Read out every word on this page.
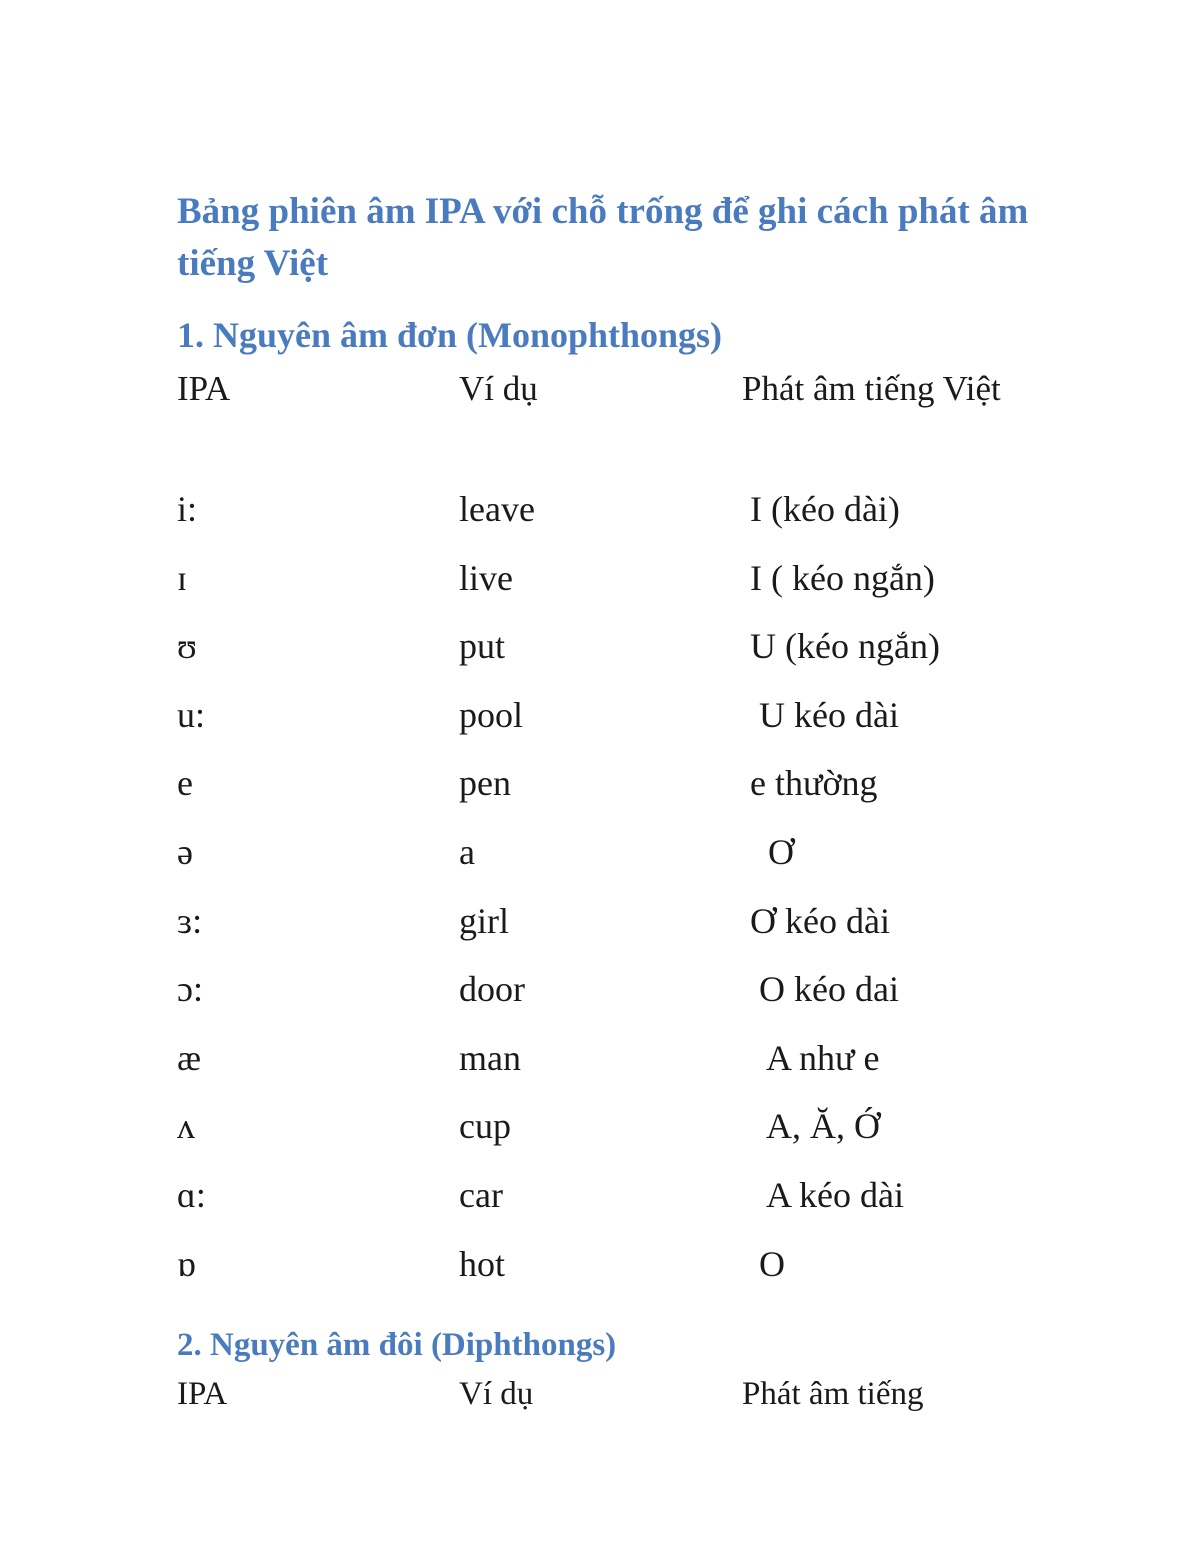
Bảng phiên âm IPA với chỗ trống để ghi cách phát âm tiếng Việt
1. Nguyên âm đơn (Monophthongs)
IPA	Ví dụ	Phát âm tiếng Việt
i:	leave	I (kéo dài)
ɪ	live	I ( kéo ngắn)
ʊ	put	U (kéo ngắn)
u:	pool	U kéo dài
e	pen	e thường
ə	a	Ơ
ɜ:	girl	Ơ kéo dài
ɔ:	door	O kéo dai
æ	man	A như e
ʌ	cup	A, Ă, Ớ
ɑ:	car	A kéo dài
ɒ	hot	O
2. Nguyên âm đôi (Diphthongs)
IPA	Ví dụ	Phát âm tiếng
